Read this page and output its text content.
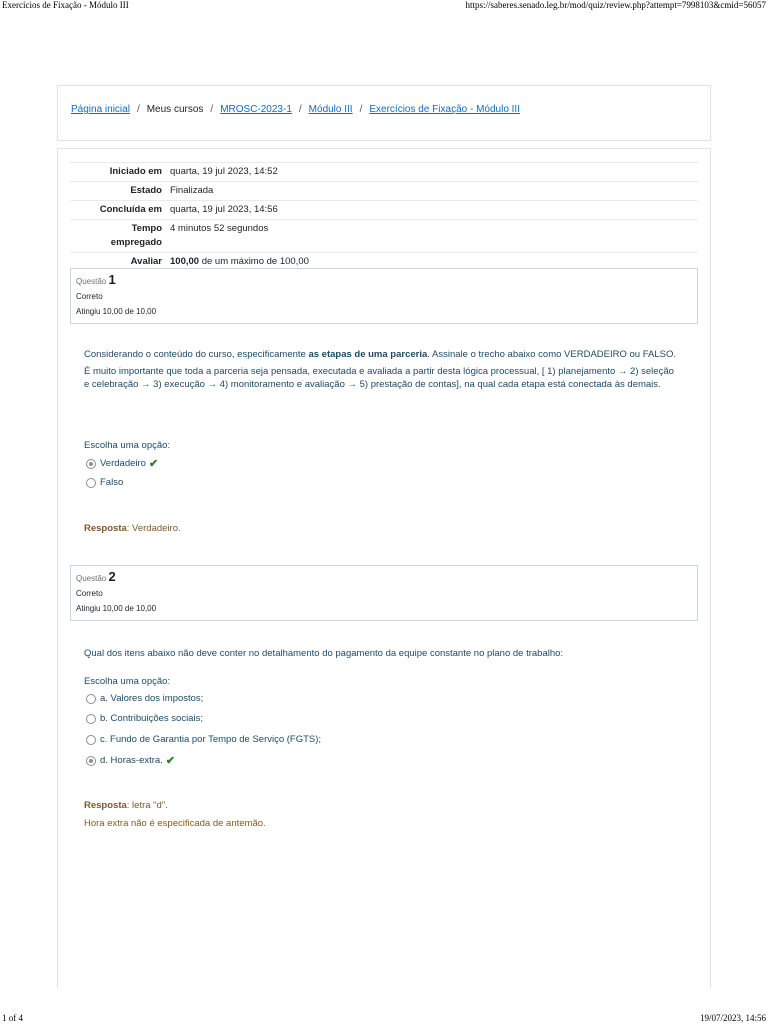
Exercícios de Fixação - Módulo III	https://saberes.senado.leg.br/mod/quiz/review.php?attempt=7998103&cmid=56057
Página inicial / Meus cursos / MROSC-2023-1 / Módulo III / Exercícios de Fixação - Módulo III
Iniciado em quarta, 19 jul 2023, 14:52
Estado Finalizada
Concluída em quarta, 19 jul 2023, 14:56
Tempo
empregado
4 minutos 52 segundos
Avaliar 100,00 de um máximo de 100,00
Questão 1
Correto
Atingiu 10,00 de 10,00

Considerando o conteúdo do curso, especificamente as etapas de uma parceria. Assinale o trecho abaixo como VERDADEIRO ou FALSO.

É muito importante que toda a parceria seja pensada, executada e avaliada a partir desta lógica processual, [ 1) planejamento → 2) seleção e celebração → 3) execução → 4) monitoramento e avaliação → 5) prestação de contas], na qual cada etapa está conectada às demais.

Escolha uma opção:
Verdadeiro ✔
Falso
Resposta: Verdadeiro.
Questão 2
Correto
Atingiu 10,00 de 10,00
Qual dos itens abaixo não deve conter no detalhamento do pagamento da equipe constante no plano de trabalho:
Escolha uma opção:
a. Valores dos impostos;
b. Contribuições sociais;
c. Fundo de Garantia por Tempo de Serviço (FGTS);
d. Horas-extra. ✔
Resposta: letra "d".
Hora extra não é especificada de antemão.
1 of 4	19/07/2023, 14:56
